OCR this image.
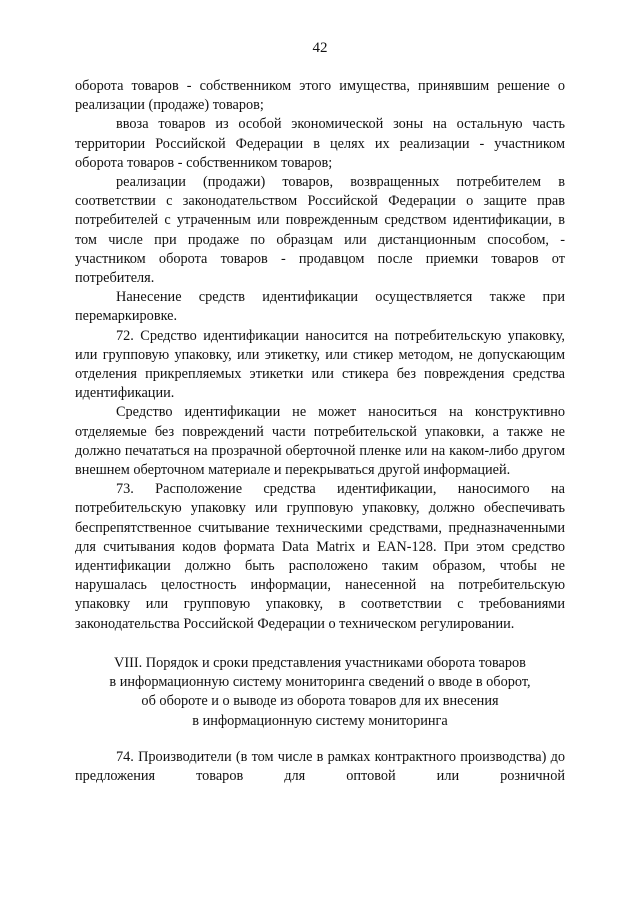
42

оборота товаров - собственником этого имущества, принявшим решение о реализации (продаже) товаров;

ввоза товаров из особой экономической зоны на остальную часть территории Российской Федерации в целях их реализации - участником оборота товаров - собственником товаров;

реализации (продажи) товаров, возвращенных потребителем в соответствии с законодательством Российской Федерации о защите прав потребителей с утраченным или поврежденным средством идентификации, в том числе при продаже по образцам или дистанционным способом, - участником оборота товаров - продавцом после приемки товаров от потребителя.

Нанесение средств идентификации осуществляется также при перемаркировке.

72. Средство идентификации наносится на потребительскую упаковку, или групповую упаковку, или этикетку, или стикер методом, не допускающим отделения прикрепляемых этикетки или стикера без повреждения средства идентификации.

Средство идентификации не может наноситься на конструктивно отделяемые без повреждений части потребительской упаковки, а также не должно печататься на прозрачной оберточной пленке или на каком-либо другом внешнем оберточном материале и перекрываться другой информацией.

73. Расположение средства идентификации, наносимого на потребительскую упаковку или групповую упаковку, должно обеспечивать беспрепятственное считывание техническими средствами, предназначенными для считывания кодов формата Data Matrix и EAN-128. При этом средство идентификации должно быть расположено таким образом, чтобы не нарушалась целостность информации, нанесенной на потребительскую упаковку или групповую упаковку, в соответствии с требованиями законодательства Российской Федерации о техническом регулировании.

VIII. Порядок и сроки представления участниками оборота товаров
в информационную систему мониторинга сведений о вводе в оборот,
об обороте и о выводе из оборота товаров для их внесения
в информационную систему мониторинга

74. Производители (в том числе в рамках контрактного производства) до предложения товаров для оптовой или розничной
